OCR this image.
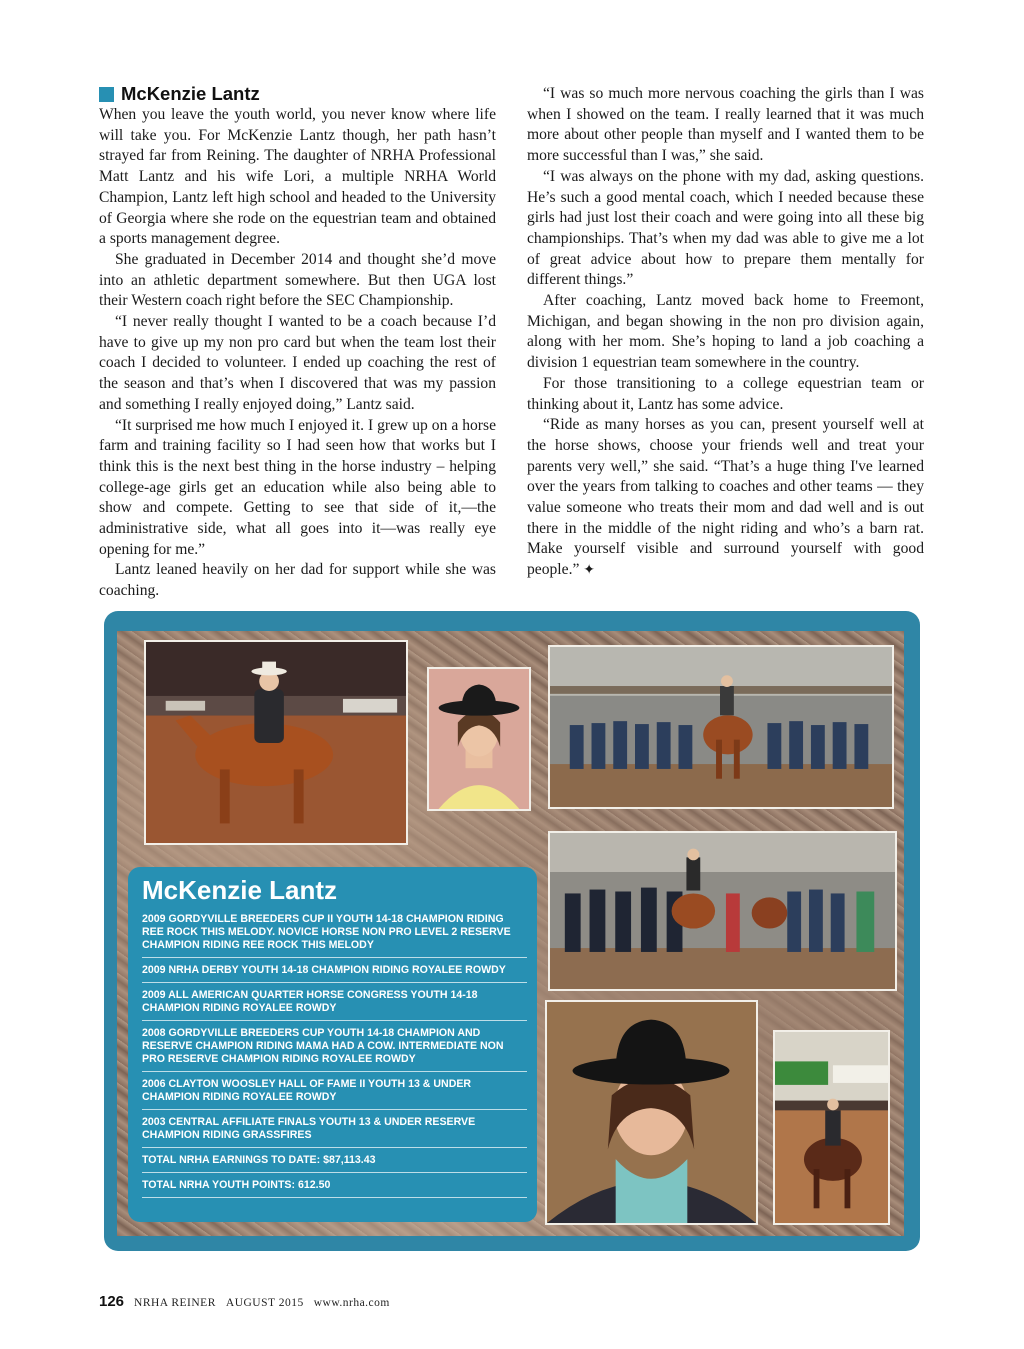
McKenzie Lantz

When you leave the youth world, you never know where life will take you. For McKenzie Lantz though, her path hasn’t strayed far from Reining. The daughter of NRHA Professional Matt Lantz and his wife Lori, a multiple NRHA World Champion, Lantz left high school and headed to the University of Georgia where she rode on the equestrian team and obtained a sports management degree.

She graduated in December 2014 and thought she’d move into an athletic department somewhere. But then UGA lost their Western coach right before the SEC Championship.

“I never really thought I wanted to be a coach because I’d have to give up my non pro card but when the team lost their coach I decided to volunteer. I ended up coaching the rest of the season and that’s when I discovered that was my passion and something I really enjoyed doing,” Lantz said.

“It surprised me how much I enjoyed it. I grew up on a horse farm and training facility so I had seen how that works but I think this is the next best thing in the horse industry – helping college-age girls get an education while also being able to show and compete. Getting to see that side of it,—the administrative side, what all goes into it—was really eye opening for me.”

Lantz leaned heavily on her dad for support while she was coaching.

“I was so much more nervous coaching the girls than I was when I showed on the team. I really learned that it was much more about other people than myself and I wanted them to be more successful than I was,” she said.

“I was always on the phone with my dad, asking questions. He’s such a good mental coach, which I needed because these girls had just lost their coach and were going into all these big championships. That’s when my dad was able to give me a lot of great advice about how to prepare them mentally for different things.”

After coaching, Lantz moved back home to Freemont, Michigan, and began showing in the non pro division again, along with her mom. She’s hoping to land a job coaching a division 1 equestrian team somewhere in the country.

For those transitioning to a college equestrian team or thinking about it, Lantz has some advice.

“Ride as many horses as you can, present yourself well at the horse shows, choose your friends well and treat your parents very well,” she said. “That’s a huge thing I've learned over the years from talking to coaches and other teams — they value someone who treats their mom and dad well and is out there in the middle of the night riding and who’s a barn rat. Make yourself visible and surround yourself with good people.” ✦

McKenzie Lantz
2009 GORDYVILLE BREEDERS CUP II YOUTH 14-18 CHAMPION RIDING REE ROCK THIS MELODY. NOVICE HORSE NON PRO LEVEL 2 RESERVE CHAMPION RIDING REE ROCK THIS MELODY
2009 NRHA DERBY YOUTH 14-18 CHAMPION RIDING ROYALEE ROWDY
2009 ALL AMERICAN QUARTER HORSE CONGRESS YOUTH 14-18 CHAMPION RIDING ROYALEE ROWDY
2008 GORDYVILLE BREEDERS CUP YOUTH 14-18 CHAMPION AND RESERVE CHAMPION RIDING MAMA HAD A COW. INTERMEDIATE NON PRO RESERVE CHAMPION RIDING ROYALEE ROWDY
2006 CLAYTON WOOSLEY HALL OF FAME II YOUTH 13 & UNDER CHAMPION RIDING ROYALEE ROWDY
2003 CENTRAL AFFILIATE FINALS YOUTH 13 & UNDER RESERVE CHAMPION RIDING GRASSFIRES
TOTAL NRHA EARNINGS TO DATE: $87,113.43
TOTAL NRHA YOUTH POINTS: 612.50
126 NRHA REINER AUGUST 2015 www.nrha.com
